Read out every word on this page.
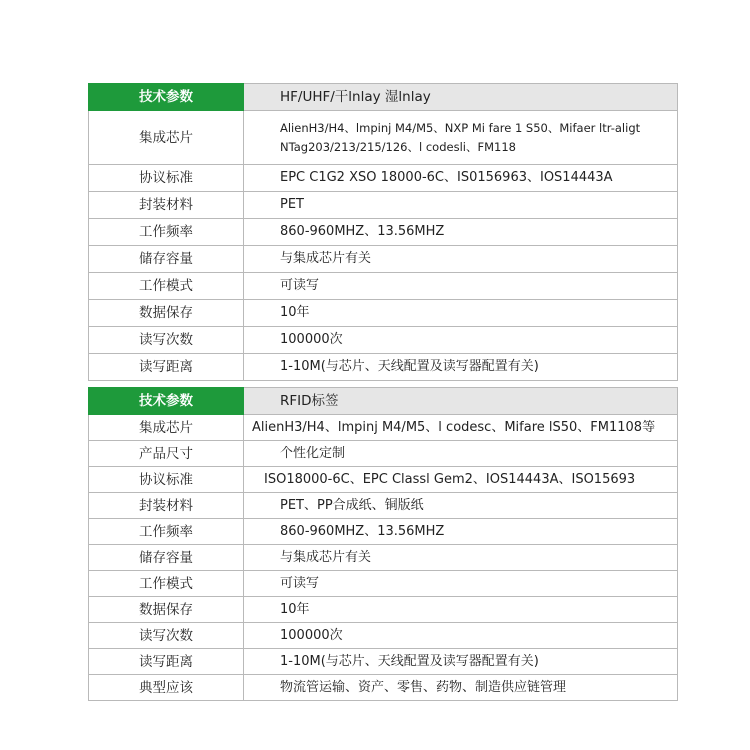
技术参数	HF/UHF/干lnlay 湿lnlay
集成芯片	AlienH3/H4、lmpinj M4/M5、NXP Mi fare 1 S50、Mifaer ltr-aligt
NTag203/213/215/126、l codesli、FM118
协议标准	EPC C1G2 XSO 18000-6C、IS0156963、IOS14443A
封装材料	PET
工作频率	860-960MHZ、13.56MHZ
储存容量	与集成芯片有关
工作模式	可读写
数据保存	10年
读写次数	100000次
读写距离	1-10M(与芯片、天线配置及读写器配置有关)
技术参数	RFID标签
集成芯片	AlienH3/H4、lmpinj M4/M5、l codesc、Mifare lS50、FM1108等
产品尺寸	个性化定制
协议标准	ISO18000-6C、EPC Classl Gem2、IOS14443A、ISO15693
封装材料	PET、PP合成纸、铜版纸
工作频率	860-960MHZ、13.56MHZ
储存容量	与集成芯片有关
工作模式	可读写
数据保存	10年
读写次数	100000次
读写距离	1-10M(与芯片、天线配置及读写器配置有关)
典型应该	物流管运输、资产、零售、药物、制造供应链管理
